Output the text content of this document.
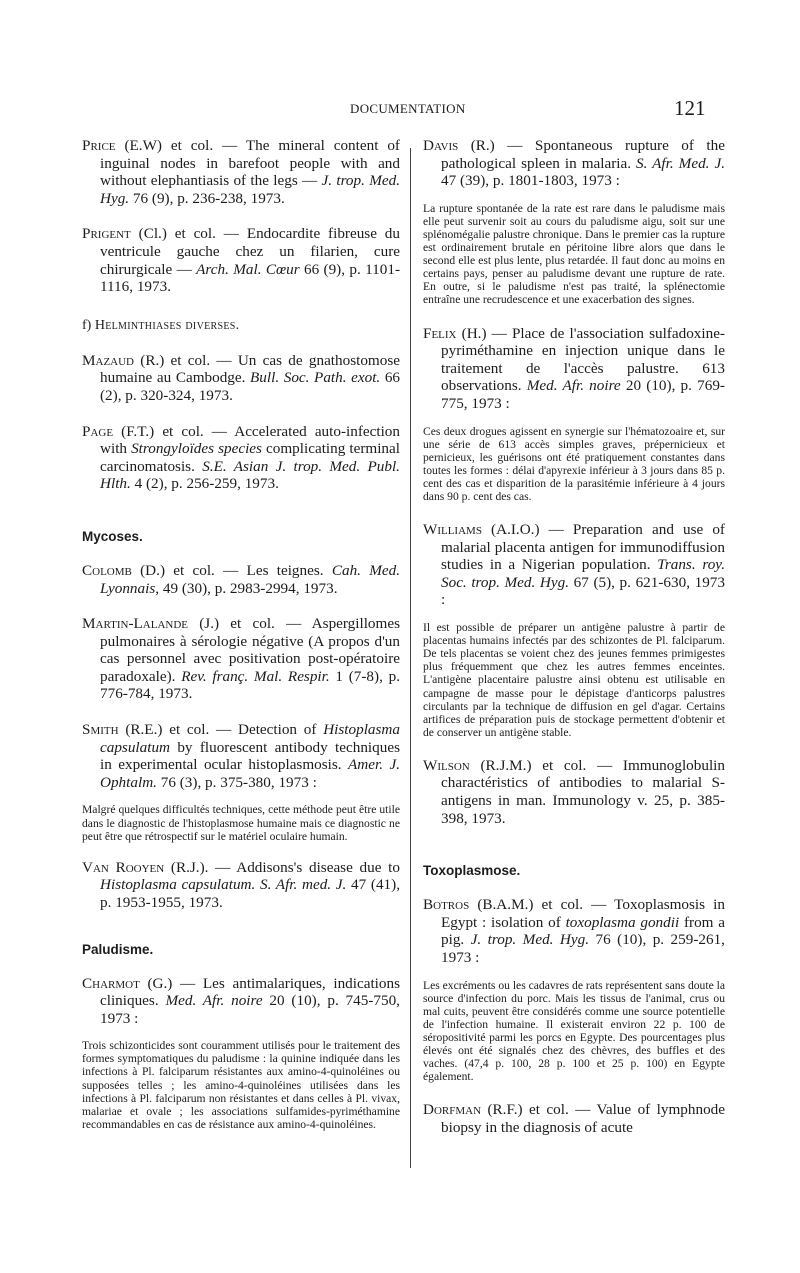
DOCUMENTATION	121

Price (E.W) et col. — The mineral content of inguinal nodes in barefoot people with and without elephantiasis of the legs — J. trop. Med. Hyg. 76 (9), p. 236-238, 1973.

Prigent (Cl.) et col. — Endocardite fibreuse du ventricule gauche chez un filarien, cure chirurgicale — Arch. Mal. Cœur 66 (9), p. 1101-1116, 1973.

f) Helminthiases diverses.

Mazaud (R.) et col. — Un cas de gnathostomose humaine au Cambodge. Bull. Soc. Path. exot. 66 (2), p. 320-324, 1973.

Page (F.T.) et col. — Accelerated auto-infection with Strongyloïdes species complicating terminal carcinomatosis. S.E. Asian J. trop. Med. Publ. Hlth. 4 (2), p. 256-259, 1973.

Mycoses.

Colomb (D.) et col. — Les teignes. Cah. Med. Lyonnais, 49 (30), p. 2983-2994, 1973.

Martin-Lalande (J.) et col. — Aspergillomes pulmonaires à sérologie négative (A propos d'un cas personnel avec positivation post-opératoire paradoxale). Rev. franç. Mal. Respir. 1 (7-8), p. 776-784, 1973.

Smith (R.E.) et col. — Detection of Histoplasma capsulatum by fluorescent antibody techniques in experimental ocular histoplasmosis. Amer. J. Ophtalm. 76 (3), p. 375-380, 1973 :

Malgré quelques difficultés techniques, cette méthode peut être utile dans le diagnostic de l'histoplasmose humaine mais ce diagnostic ne peut être que rétrospectif sur le matériel oculaire humain.

Van Rooyen (R.J.). — Addisons's disease due to Histoplasma capsulatum. S. Afr. med. J. 47 (41), p. 1953-1955, 1973.

Paludisme.

Charmot (G.) — Les antimalariques, indications cliniques. Med. Afr. noire 20 (10), p. 745-750, 1973 :

Trois schizonticides sont couramment utilisés pour le traitement des formes symptomatiques du paludisme : la quinine indiquée dans les infections à Pl. falciparum résistantes aux amino-4-quinoléines ou supposées telles ; les amino-4-quinoléines utilisées dans les infections à Pl. falciparum non résistantes et dans celles à Pl. vivax, malariae et ovale ; les associations sulfamides-pyriméthamine recommandables en cas de résistance aux amino-4-quinoléines.

Davis (R.) — Spontaneous rupture of the pathological spleen in malaria. S. Afr. Med. J. 47 (39), p. 1801-1803, 1973 :

La rupture spontanée de la rate est rare dans le paludisme mais elle peut survenir soit au cours du paludisme aigu, soit sur une splénomégalie palustre chronique. Dans le premier cas la rupture est ordinairement brutale en péritoine libre alors que dans le second elle est plus lente, plus retardée. Il faut donc au moins en certains pays, penser au paludisme devant une rupture de rate. En outre, si le paludisme n'est pas traité, la splénectomie entraîne une recrudescence et une exacerbation des signes.

Felix (H.) — Place de l'association sulfadoxine-pyriméthamine en injection unique dans le traitement de l'accès palustre. 613 observations. Med. Afr. noire 20 (10), p. 769-775, 1973 :

Ces deux drogues agissent en synergie sur l'hématozoaire et, sur une série de 613 accès simples graves, prépernicieux et pernicieux, les guérisons ont été pratiquement constantes dans toutes les formes : délai d'apyrexie inférieur à 3 jours dans 85 p. cent des cas et disparition de la parasitémie inférieure à 4 jours dans 90 p. cent des cas.

Williams (A.I.O.) — Preparation and use of malarial placenta antigen for immunodiffusion studies in a Nigerian population. Trans. roy. Soc. trop. Med. Hyg. 67 (5), p. 621-630, 1973 :

Il est possible de préparer un antigène palustre à partir de placentas humains infectés par des schizontes de Pl. falciparum. De tels placentas se voient chez des jeunes femmes primigestes plus fréquemment que chez les autres femmes enceintes. L'antigène placentaire palustre ainsi obtenu est utilisable en campagne de masse pour le dépistage d'anticorps palustres circulants par la technique de diffusion en gel d'agar. Certains artifices de préparation puis de stockage permettent d'obtenir et de conserver un antigène stable.

Wilson (R.J.M.) et col. — Immunoglobulin charactéristics of antibodies to malarial S-antigens in man. Immunology v. 25, p. 385-398, 1973.

Toxoplasmose.

Botros (B.A.M.) et col. — Toxoplasmosis in Egypt : isolation of toxoplasma gondii from a pig. J. trop. Med. Hyg. 76 (10), p. 259-261, 1973 :

Les excréments ou les cadavres de rats représentent sans doute la source d'infection du porc. Mais les tissus de l'animal, crus ou mal cuits, peuvent être considérés comme une source potentielle de l'infection humaine. Il existerait environ 22 p. 100 de séropositivité parmi les porcs en Egypte. Des pourcentages plus élevés ont été signalés chez des chèvres, des buffles et des vaches. (47,4 p. 100, 28 p. 100 et 25 p. 100) en Egypte également.

Dorfman (R.F.) et col. — Value of lymphnode biopsy in the diagnosis of acute
